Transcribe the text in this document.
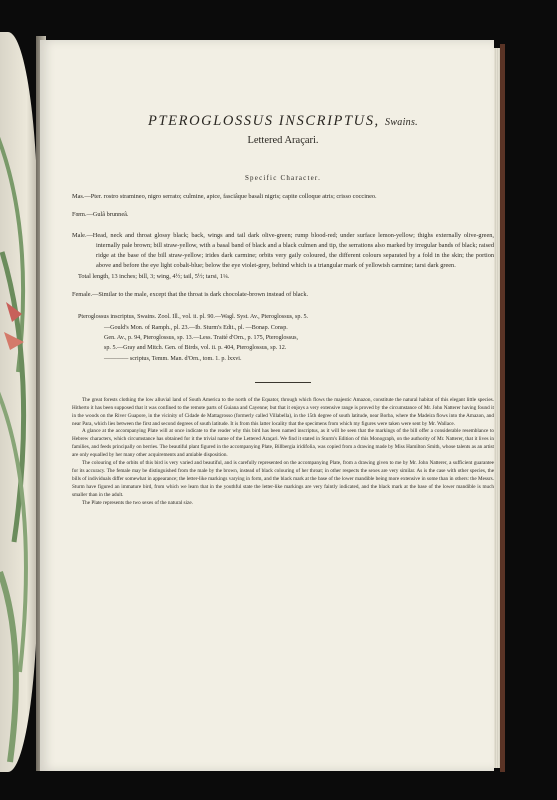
PTEROGLOSSUS INSCRIPTUS, Swains.

Lettered Araçari.

Specific Character.

Mas.—Pter. rostro stramineo, nigro serrato; culmine, apice, fasciâque basali nigris; capite colloque atris; crisso coccineo.

Fœm.—Gulâ brunneâ.

Male.—Head, neck and throat glossy black; back, wings and tail dark olive-green; rump blood-red; under surface lemon-yellow; thighs externally olive-green, internally pale brown; bill straw-yellow, with a basal band of black and a black culmen and tip, the serrations also marked by irregular bands of black; raised ridge at the base of the bill straw-yellow; irides dark carmine; orbits very gaily coloured, the different colours separated by a fold in the skin; the portion above and before the eye light cobalt-blue; below the eye violet-grey, behind which is a triangular mark of yellowish carmine; tarsi dark green.

Total length, 13 inches; bill, 3; wing, 4½; tail, 5½; tarsi, 1¼.

Female.—Similar to the male, except that the throat is dark chocolate-brown instead of black.

Pteroglossus inscriptus, Swains. Zool. Ill., vol. ii. pl. 90.—Wagl. Syst. Av., Pteroglossus, sp. 5.
—Gould's Mon. of Ramph., pl. 23.—Ib. Sturm's Edit., pl. —Bonap. Consp.
Gen. Av., p. 94, Pteroglossus, sp. 13.—Less. Traité d'Orn., p. 175, Pteroglossus,
sp. 5.—Gray and Mitch. Gen. of Birds, vol. ii. p. 404, Pteroglossus, sp. 12.
———— scriptus, Temm. Man. d'Orn., tom. 1. p. lxxvi.

The great forests clothing the low alluvial land of South America to the north of the Equator, through which flows the majestic Amazon, constitute the natural habitat of this elegant little species. Hitherto it has been supposed that it was confined to the remote parts of Guiana and Cayenne; but that it enjoys a very extensive range is proved by the circumstance of Mr. John Natterer having found it in the woods on the River Guapore, in the vicinity of Cidade de Mattagrosso (formerly called Villabella), in the 15th degree of south latitude, near Borba, where the Madeira flows into the Amazon, and near Para, which lies between the first and second degrees of south latitude. It is from this latter locality that the specimens from which my figures were taken were sent by Mr. Wallace.

A glance at the accompanying Plate will at once indicate to the reader why this bird has been named inscriptus, as it will be seen that the markings of the bill offer a considerable resemblance to Hebrew characters, which circumstance has obtained for it the trivial name of the Lettered Araçari. We find it stated in Sturm's Edition of this Monograph, on the authority of Mr. Natterer, that it lives in families, and feeds principally on berries. The beautiful plant figured in the accompanying Plate, Billbergia iridifolia, was copied from a drawing made by Miss Hamilton Smith, whose talents as an artist are only equalled by her many other acquirements and amiable disposition.

The colouring of the orbits of this bird is very varied and beautiful, and is carefully represented on the accompanying Plate, from a drawing given to me by Mr. John Natterer, a sufficient guarantee for its accuracy. The female may be distinguished from the male by the brown, instead of black colouring of her throat; in other respects the sexes are very similar. As is the case with other species, the bills of individuals differ somewhat in appearance; the letter-like markings varying in form, and the black mark at the base of the lower mandible being more extensive in some than in others: the Messrs. Sturm have figured an immature bird, from which we learn that in the youthful state the letter-like markings are very faintly indicated, and the black mark at the base of the lower mandible is much smaller than in the adult.

The Plate represents the two sexes of the natural size.
